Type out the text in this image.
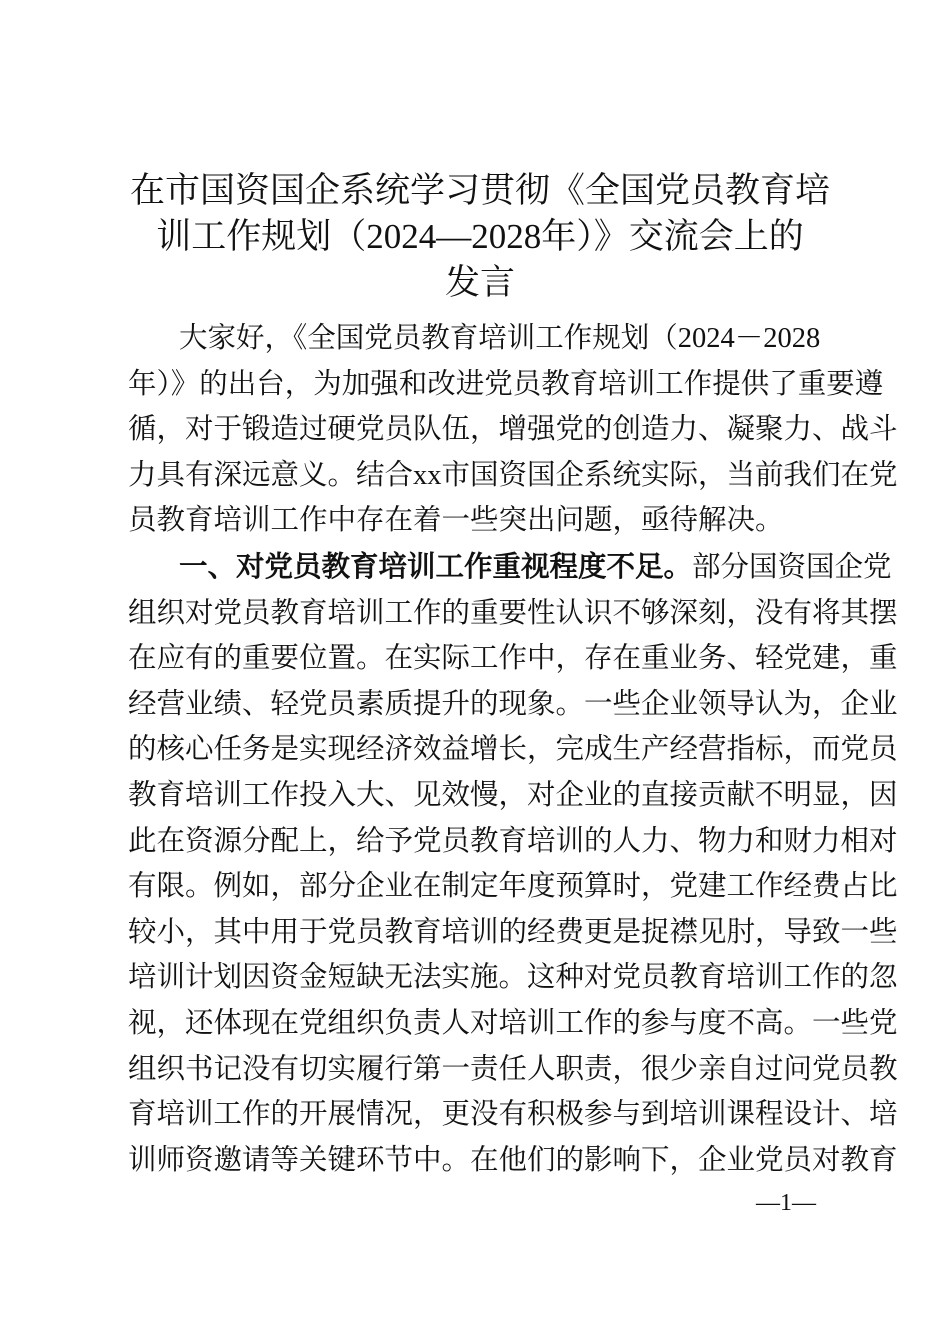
在市国资国企系统学习贯彻《全国党员教育培
训工作规划（2024—2028年）》交流会上的
发言
大家好，《全国党员教育培训工作规划（2024－2028
年）》的出台，为加强和改进党员教育培训工作提供了重要遵
循，对于锻造过硬党员队伍，增强党的创造力、凝聚力、战斗
力具有深远意义。结合xx市国资国企系统实际，当前我们在党
员教育培训工作中存在着一些突出问题，亟待解决。
一、对党员教育培训工作重视程度不足。部分国资国企党
组织对党员教育培训工作的重要性认识不够深刻，没有将其摆
在应有的重要位置。在实际工作中，存在重业务、轻党建，重
经营业绩、轻党员素质提升的现象。一些企业领导认为，企业
的核心任务是实现经济效益增长，完成生产经营指标，而党员
教育培训工作投入大、见效慢，对企业的直接贡献不明显，因
此在资源分配上，给予党员教育培训的人力、物力和财力相对
有限。例如，部分企业在制定年度预算时，党建工作经费占比
较小，其中用于党员教育培训的经费更是捉襟见肘，导致一些
培训计划因资金短缺无法实施。这种对党员教育培训工作的忽
视，还体现在党组织负责人对培训工作的参与度不高。一些党
组织书记没有切实履行第一责任人职责，很少亲自过问党员教
育培训工作的开展情况，更没有积极参与到培训课程设计、培
训师资邀请等关键环节中。在他们的影响下，企业党员对教育
—1—
